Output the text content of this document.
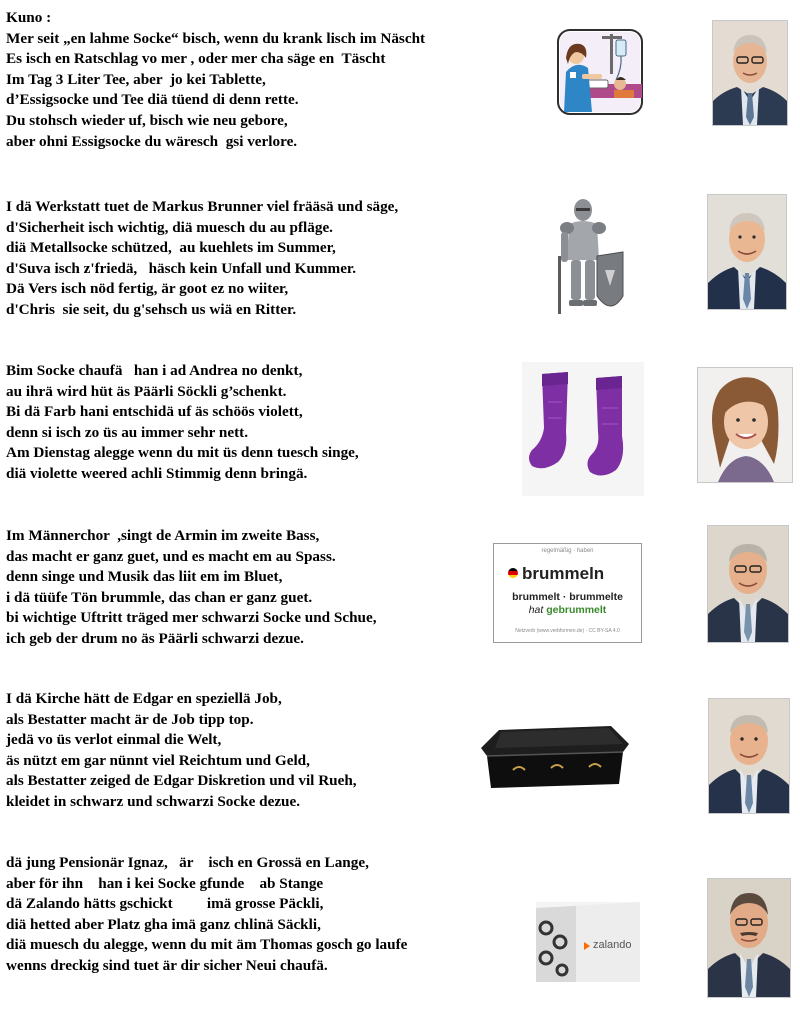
Kuno :
Mer seit „en lahme Socke“ bisch, wenn du krank lisch im Näscht
Es isch en Ratschlag vo mer , oder mer cha säge en  Täscht
Im Tag 3 Liter Tee, aber  jo kei Tablette,
d’Essigsocke und Tee diä tüend di denn rette.
Du stohsch wieder uf, bisch wie neu gebore,
aber ohni Essigsocke du wäresch  gsi verlore.
I dä Werkstatt tuet de Markus Brunner viel frääsä und säge,
d'Sicherheit isch wichtig, diä muesch du au pfläge.
diä Metallsocke schützed,  au kuehlets im Summer,
d'Suva isch z'friedä,   häsch kein Unfall und Kummer.
Dä Vers isch nöd fertig, är goot ez no wiiter,
d'Chris  sie seit, du g'sehsch us wiä en Ritter.
Bim Socke chaufä   han i ad Andrea no denkt,
au ihrä wird hüt äs Päärli Söckli g’schenkt.
Bi dä Farb hani entschidä uf äs schöös violett,
denn si isch zo üs au immer sehr nett.
Am Dienstag alegge wenn du mit üs denn tuesch singe,
diä violette weered achli Stimmig denn bringä.
Im Männerchor  ,singt de Armin im zweite Bass,
das macht er ganz guet, und es macht em au Spass.
denn singe und Musik das liit em im Bluet,
i dä tüüfe Tön brummle, das chan er ganz guet.
bi wichtige Uftritt träged mer schwarzi Socke und Schue,
ich geb der drum no äs Päärli schwarzi dezue.
I dä Kirche hätt de Edgar en speziellä Job,
als Bestatter macht är de Job tipp top.
jedä vo üs verlot einmal die Welt,
äs nützt em gar nünnt viel Reichtum und Geld,
als Bestatter zeiged de Edgar Diskretion und vil Rueh,
kleidet in schwarz und schwarzi Socke dezue.
dä jung Pensionär Ignaz,   är    isch en Grossä en Lange,
aber för ihn    han i kei Socke gfunde    ab Stange
dä Zalando hätts gschickt         imä grosse Päckli,
diä hetted aber Platz gha imä ganz chlinä Säckli,
diä muesch du alegge, wenn du mit äm Thomas gosch go laufe
wenns dreckig sind tuet är dir sicher Neui chaufä.
regelmäßig · haben
brummeln
brummelt · brummelte
hat gebrummelt
Netzverb (www.verbformen.de) · CC BY-SA 4.0
zalando
